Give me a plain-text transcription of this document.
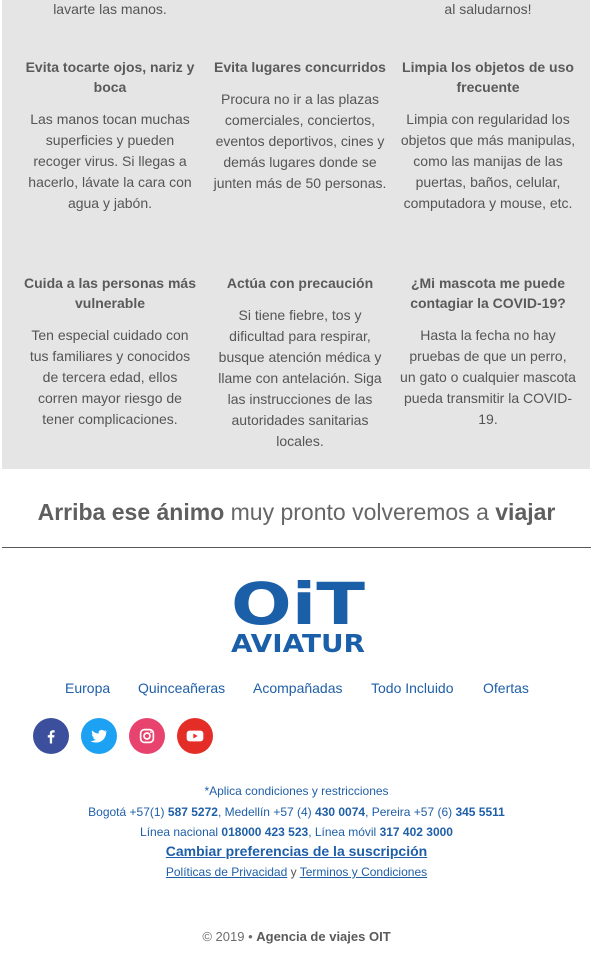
lavarte las manos.	al saludarnos!
Evita tocarte ojos, nariz y boca
Las manos tocan muchas superficies y pueden recoger virus. Si llegas a hacerlo, lávate la cara con agua y jabón.
Evita lugares concurridos
Procura no ir a las plazas comerciales, conciertos, eventos deportivos, cines y demás lugares donde se junten más de 50 personas.
Limpia los objetos de uso frecuente
Limpia con regularidad los objetos que más manipulas, como las manijas de las puertas, baños, celular, computadora y mouse, etc.
Cuida a las personas más vulnerable
Ten especial cuidado con tus familiares y conocidos de tercera edad, ellos corren mayor riesgo de tener complicaciones.
Actúa con precaución
Si tiene fiebre, tos y dificultad para respirar, busque atención médica y llame con antelación. Siga las instrucciones de las autoridades sanitarias locales.
¿Mi mascota me puede contagiar la COVID-19?
Hasta la fecha no hay pruebas de que un perro, un gato o cualquier mascota pueda transmitir la COVID-19.
Arriba ese ánimo muy pronto volveremos a viajar
OiT
AVIATUR
Europa Quinceañeras Acompañadas Todo Incluido Ofertas
*Aplica condiciones y restricciones
Bogotá +57(1) 587 5272, Medellín +57 (4) 430 0074, Pereira +57 (6) 345 5511
Línea nacional 018000 423 523, Línea móvil 317 402 3000
Cambiar preferencias de la suscripción
Políticas de Privacidad y Terminos y Condiciones
© 2019 • Agencia de viajes OIT
